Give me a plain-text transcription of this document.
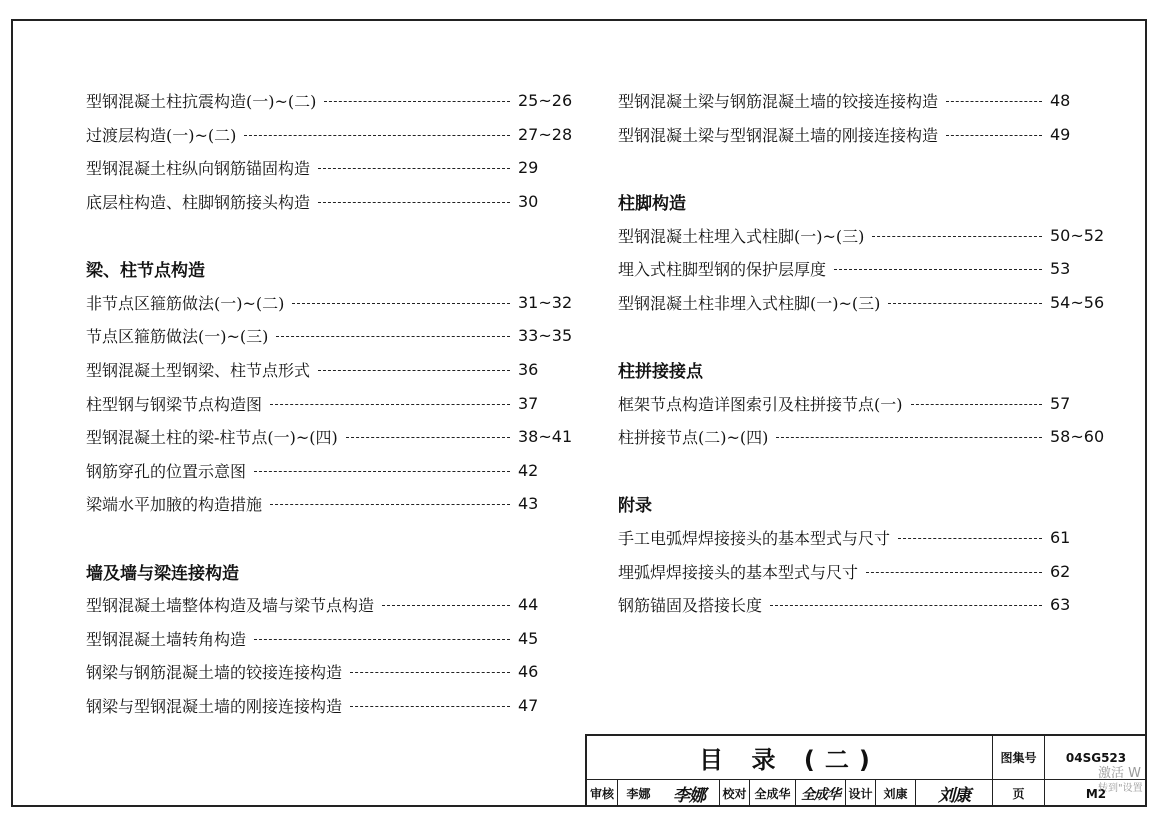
型钢混凝土柱抗震构造(一)~(二)	25~26
过渡层构造(一)~(二)	27~28
型钢混凝土柱纵向钢筋锚固构造	29
底层柱构造、柱脚钢筋接头构造	30
梁、柱节点构造
非节点区箍筋做法(一)~(二)	31~32
节点区箍筋做法(一)~(三)	33~35
型钢混凝土型钢梁、柱节点形式	36
柱型钢与钢梁节点构造图	37
型钢混凝土柱的梁-柱节点(一)~(四)	38~41
钢筋穿孔的位置示意图	42
梁端水平加腋的构造措施	43
墙及墙与梁连接构造
型钢混凝土墙整体构造及墙与梁节点构造	44
型钢混凝土墙转角构造	45
钢梁与钢筋混凝土墙的铰接连接构造	46
钢梁与型钢混凝土墙的刚接连接构造	47
型钢混凝土梁与钢筋混凝土墙的铰接连接构造	48
型钢混凝土梁与型钢混凝土墙的刚接连接构造	49
柱脚构造
型钢混凝土柱埋入式柱脚(一)~(三)	50~52
埋入式柱脚型钢的保护层厚度	53
型钢混凝土柱非埋入式柱脚(一)~(三)	54~56
柱拼接接点
框架节点构造详图索引及柱拼接节点(一)	57
柱拼接节点(二)~(四)	58~60
附录
手工电弧焊焊接接头的基本型式与尺寸	61
埋弧焊焊接接头的基本型式与尺寸	62
钢筋锚固及搭接长度	63
目 录 (二)	图集号	04SG523
页	M2
审核	李娜	李娜	校对 全成华 全成华 设计 刘康	刘康
激活 W
转到"设置
